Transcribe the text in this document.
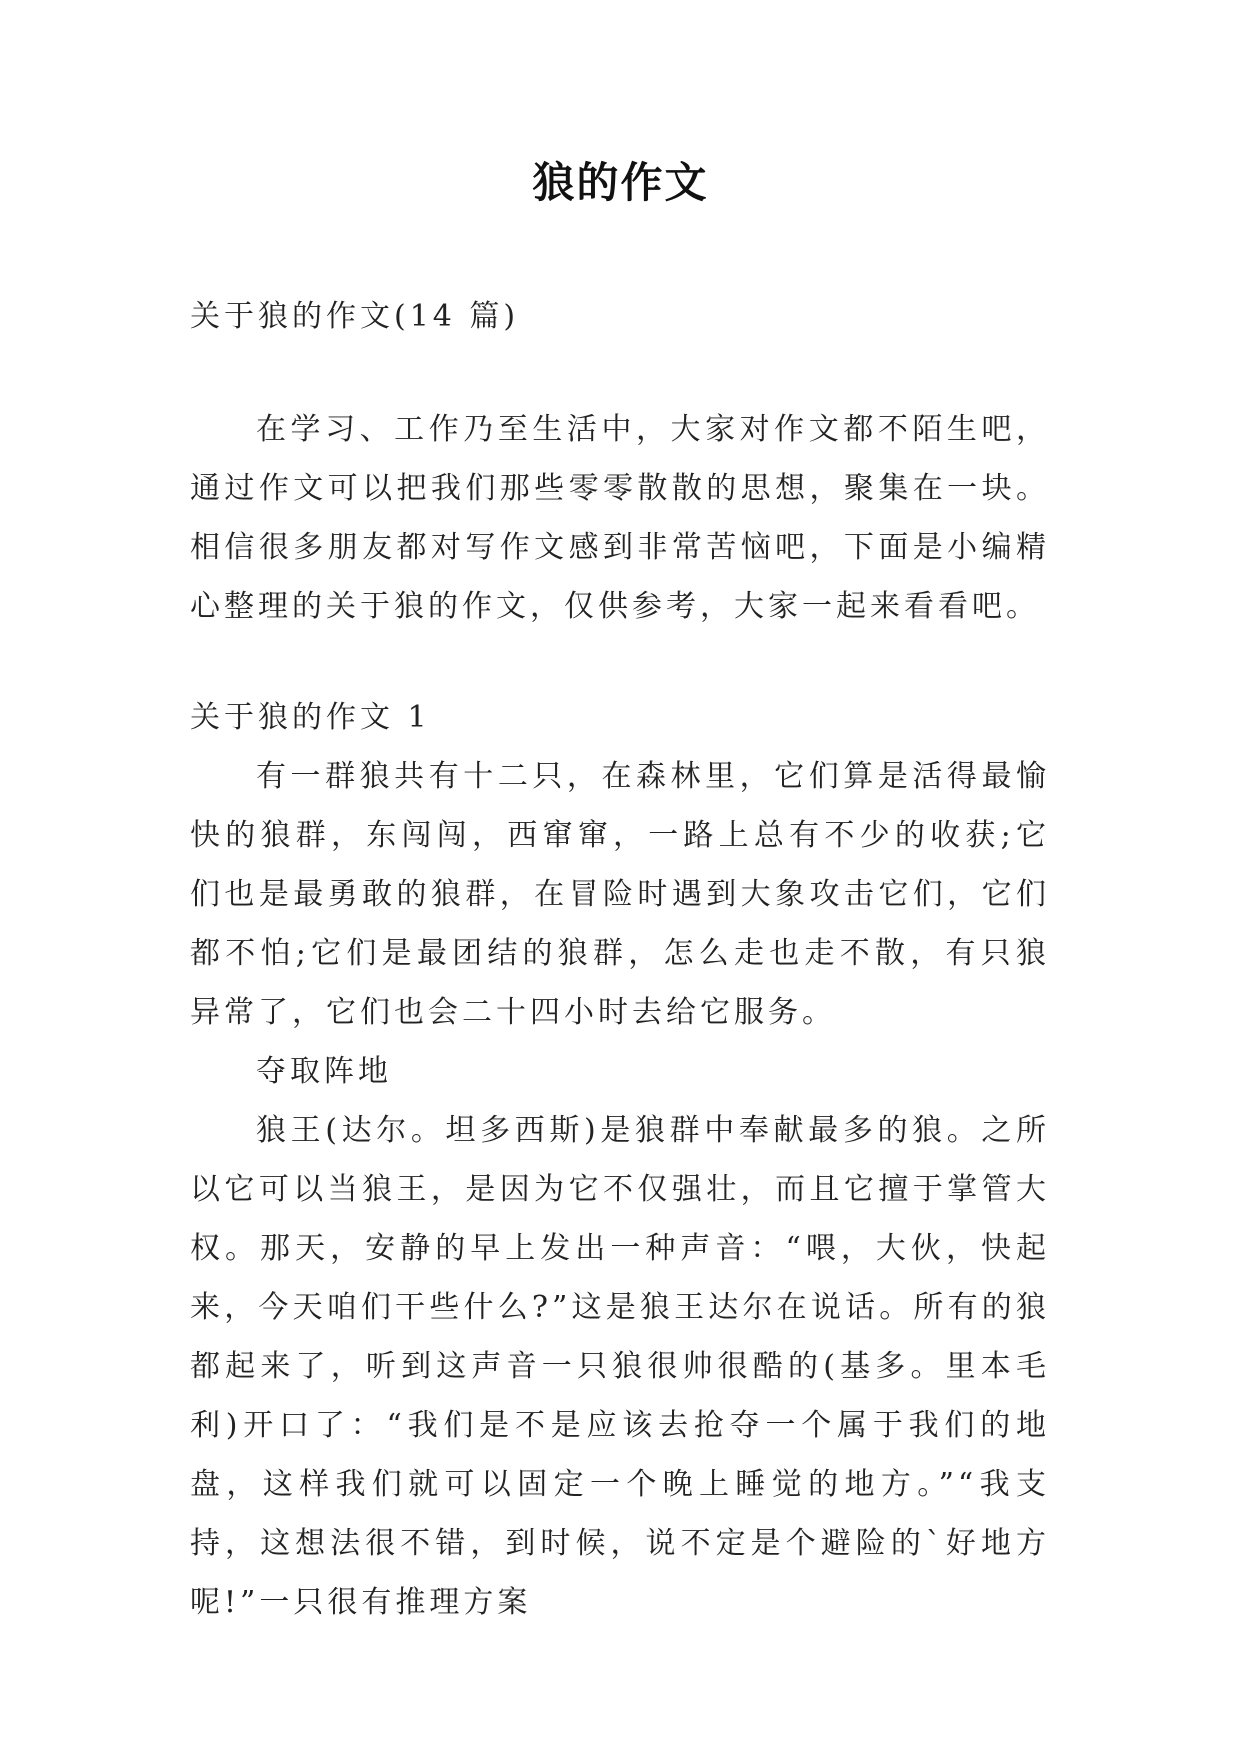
狼的作文

关于狼的作文(14 篇)

在学习、工作乃至生活中，大家对作文都不陌生吧，通过作文可以把我们那些零零散散的思想，聚集在一块。相信很多朋友都对写作文感到非常苦恼吧，下面是小编精心整理的关于狼的作文，仅供参考，大家一起来看看吧。

关于狼的作文 1

有一群狼共有十二只，在森林里，它们算是活得最愉快的狼群，东闯闯，西窜窜，一路上总有不少的收获;它们也是最勇敢的狼群，在冒险时遇到大象攻击它们，它们都不怕;它们是最团结的狼群，怎么走也走不散，有只狼异常了，它们也会二十四小时去给它服务。

夺取阵地

狼王(达尔。坦多西斯)是狼群中奉献最多的狼。之所以它可以当狼王，是因为它不仅强壮，而且它擅于掌管大权。那天，安静的早上发出一种声音：“喂，大伙，快起来，今天咱们干些什么?”这是狼王达尔在说话。所有的狼都起来了，听到这声音一只狼很帅很酷的(基多。里本毛利)开口了：“我们是不是应该去抢夺一个属于我们的地盘，这样我们就可以固定一个晚上睡觉的地方。”“我支持，这想法很不错，到时候，说不定是个避险的`好地方呢!”一只很有推理方案
